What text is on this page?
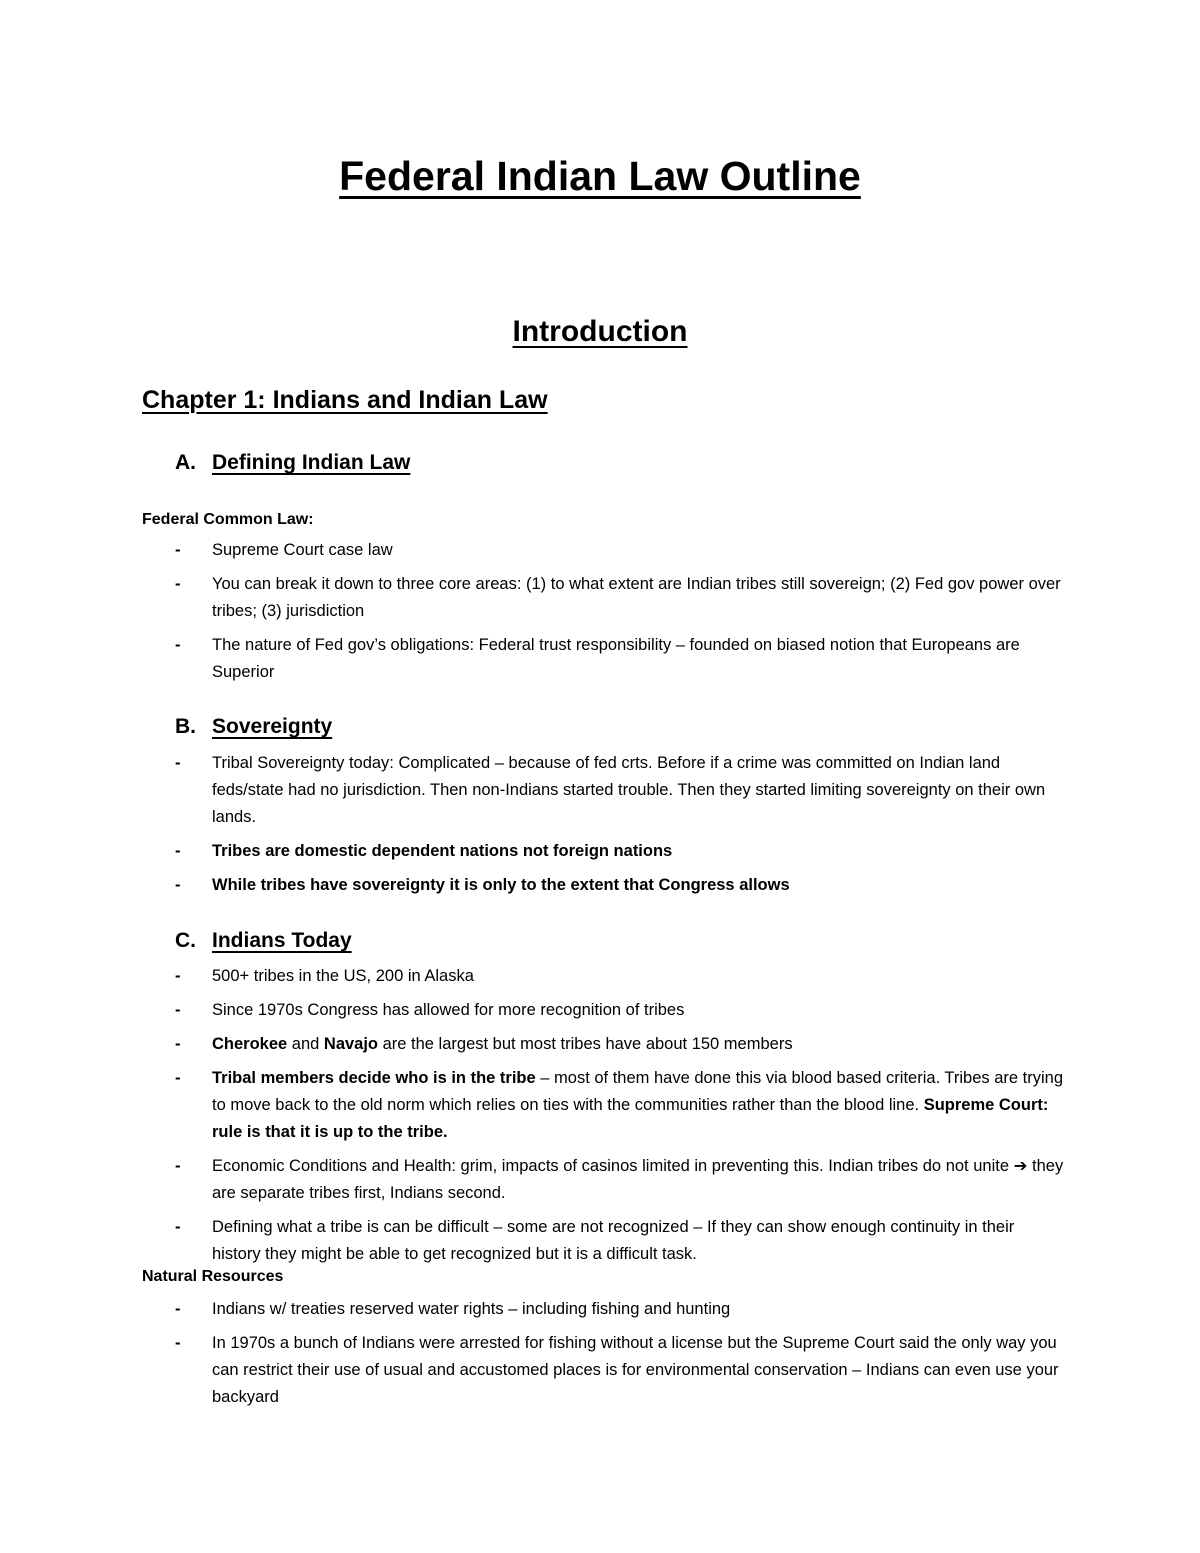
Federal Indian Law Outline
Introduction
Chapter 1: Indians and Indian Law
A. Defining Indian Law
Federal Common Law:
- Supreme Court case law
- You can break it down to three core areas: (1) to what extent are Indian tribes still sovereign; (2) Fed gov power over tribes; (3) jurisdiction
- The nature of Fed gov’s obligations: Federal trust responsibility – founded on biased notion that Europeans are Superior
B. Sovereignty
- Tribal Sovereignty today: Complicated – because of fed crts. Before if a crime was committed on Indian land feds/state had no jurisdiction. Then non-Indians started trouble. Then they started limiting sovereignty on their own lands.
- Tribes are domestic dependent nations not foreign nations
- While tribes have sovereignty it is only to the extent that Congress allows
C. Indians Today
- 500+ tribes in the US, 200 in Alaska
- Since 1970s Congress has allowed for more recognition of tribes
- Cherokee and Navajo are the largest but most tribes have about 150 members
- Tribal members decide who is in the tribe – most of them have done this via blood based criteria. Tribes are trying to move back to the old norm which relies on ties with the communities rather than the blood line. Supreme Court: rule is that it is up to the tribe.
- Economic Conditions and Health: grim, impacts of casinos limited in preventing this. Indian tribes do not unite ➔ they are separate tribes first, Indians second.
- Defining what a tribe is can be difficult – some are not recognized – If they can show enough continuity in their history they might be able to get recognized but it is a difficult task.
Natural Resources
- Indians w/ treaties reserved water rights – including fishing and hunting
- In 1970s a bunch of Indians were arrested for fishing without a license but the Supreme Court said the only way you can restrict their use of usual and accustomed places is for environmental conservation – Indians can even use your backyard
